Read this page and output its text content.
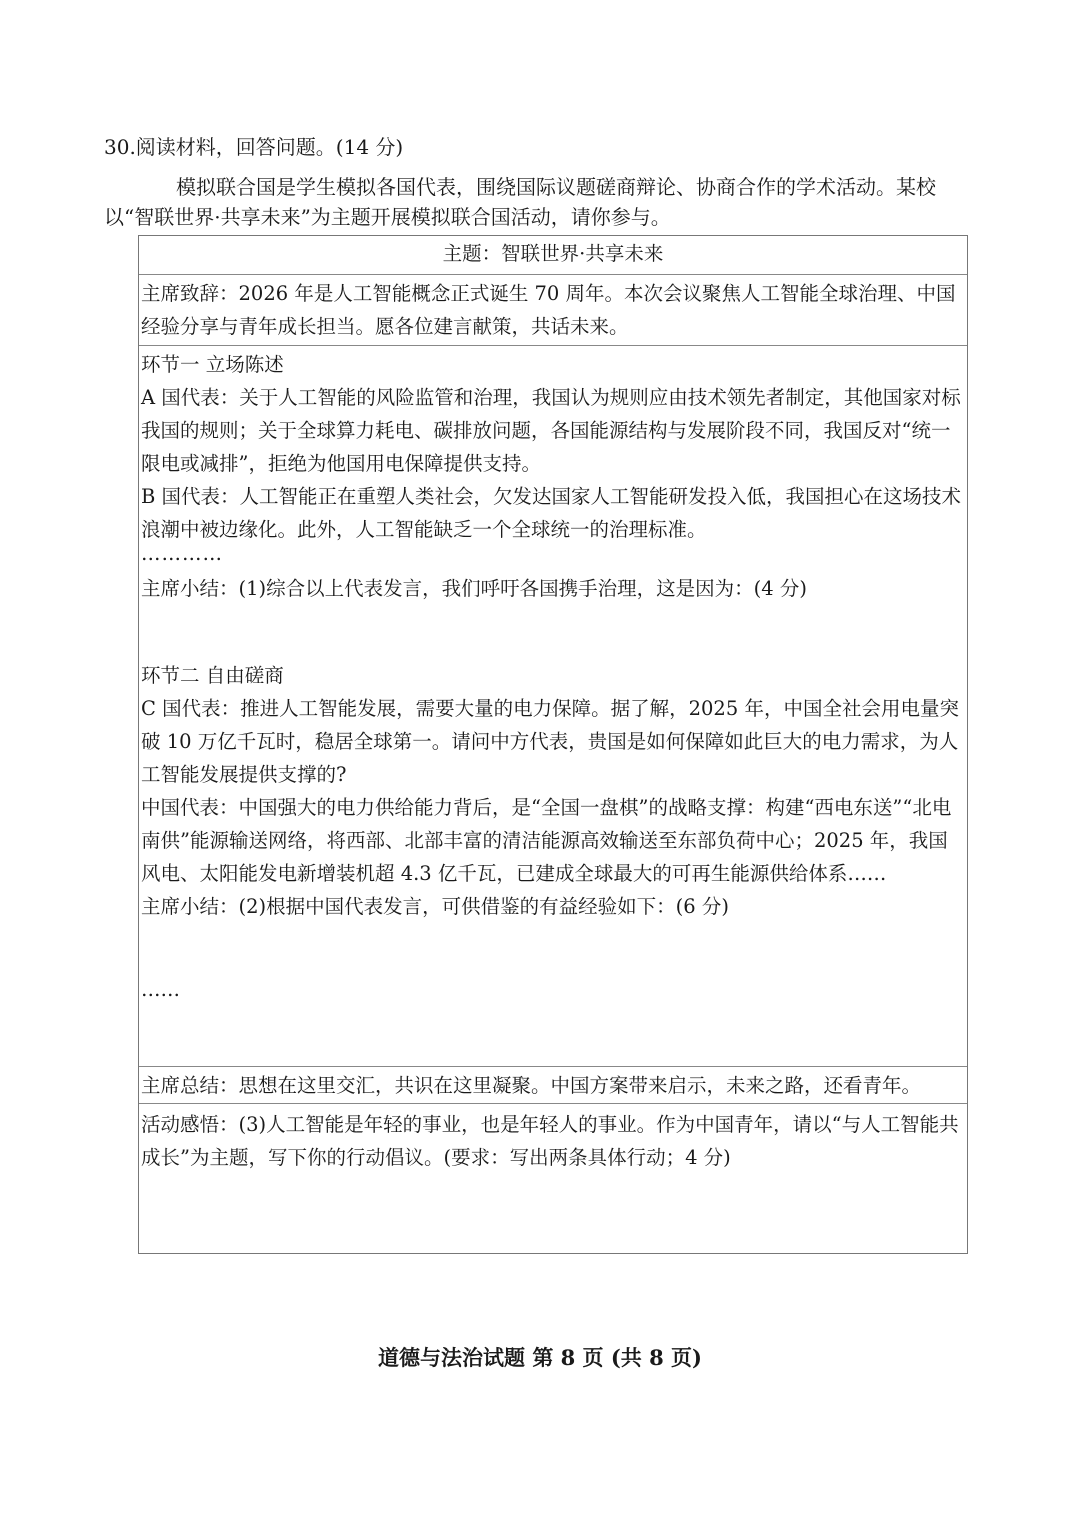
30.阅读材料，回答问题。(14 分)
模拟联合国是学生模拟各国代表，围绕国际议题磋商辩论、协商合作的学术活动。某校以“智联世界·共享未来”为主题开展模拟联合国活动，请你参与。
主题：智联世界·共享未来

主席致辞：2026 年是人工智能概念正式诞生 70 周年。本次会议聚焦人工智能全球治理、中国经验分享与青年成长担当。愿各位建言献策，共话未来。

环节一 立场陈述

A 国代表：关于人工智能的风险监管和治理，我国认为规则应由技术领先者制定，其他国家对标我国的规则；关于全球算力耗电、碳排放问题，各国能源结构与发展阶段不同，我国反对“统一限电或减排”，拒绝为他国用电保障提供支持。

B 国代表：人工智能正在重塑人类社会，欠发达国家人工智能研发投入低，我国担心在这场技术浪潮中被边缘化。此外，人工智能缺乏一个全球统一的治理标准。

…………

主席小结：(1)综合以上代表发言，我们呼吁各国携手治理，这是因为：(4 分)

环节二 自由磋商

C 国代表：推进人工智能发展，需要大量的电力保障。据了解，2025 年，中国全社会用电量突破 10 万亿千瓦时，稳居全球第一。请问中方代表，贵国是如何保障如此巨大的电力需求，为人工智能发展提供支撑的?

中国代表：中国强大的电力供给能力背后，是“全国一盘棋”的战略支撑：构建“西电东送”“北电南供”能源输送网络，将西部、北部丰富的清洁能源高效输送至东部负荷中心；2025 年，我国风电、太阳能发电新增装机超 4.3 亿千瓦，已建成全球最大的可再生能源供给体系……

主席小结：(2)根据中国代表发言，可供借鉴的有益经验如下：(6 分)

……

主席总结：思想在这里交汇，共识在这里凝聚。中国方案带来启示，未来之路，还看青年。

活动感悟：(3)人工智能是年轻的事业，也是年轻人的事业。作为中国青年，请以“与人工智能共成长”为主题，写下你的行动倡议。(要求：写出两条具体行动；4 分)

道德与法治试题 第 8 页 (共 8 页)
